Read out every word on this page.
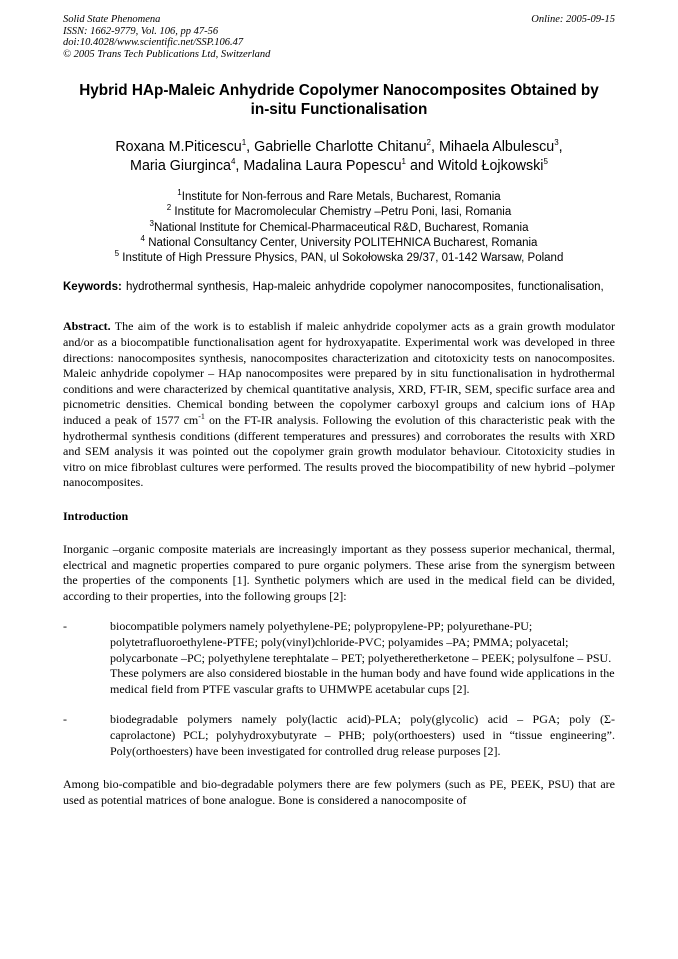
Solid State Phenomena
ISSN: 1662-9779, Vol. 106, pp 47-56
doi:10.4028/www.scientific.net/SSP.106.47
© 2005 Trans Tech Publications Ltd, Switzerland
Online: 2005-09-15
Hybrid HAp-Maleic Anhydride Copolymer Nanocomposites Obtained by
in-situ Functionalisation
Roxana M.Piticescu$^1$, Gabrielle Charlotte Chitanu$^2$, Mihaela Albulescu$^3$,
Maria Giurginca$^4$, Madalina Laura Popescu$^1$ and Witold Łojkowski$^5$
$^1$Institute for Non-ferrous and Rare Metals, Bucharest, Romania
$^2$ Institute for Macromolecular Chemistry –Petru Poni, Iasi, Romania
$^3$National Institute for Chemical-Pharmaceutical R&D, Bucharest, Romania
$^4$ National Consultancy Center, University POLITEHNICA Bucharest, Romania
$^5$ Institute of High Pressure Physics, PAN, ul Sokołowska 29/37, 01-142 Warsaw, Poland
Keywords: hydrothermal synthesis, Hap-maleic anhydride copolymer nanocomposites, functionalisation,
Abstract. The aim of the work is to establish if maleic anhydride copolymer acts as a grain growth modulator and/or as a biocompatible functionalisation agent for hydroxyapatite. Experimental work was developed in three directions: nanocomposites synthesis, nanocomposites characterization and citotoxicity tests on nanocomposites. Maleic anhydride copolymer – HAp nanocomposites were prepared by in situ functionalisation in hydrothermal conditions and were characterized by chemical quantitative analysis, XRD, FT-IR, SEM, specific surface area and picnometric densities. Chemical bonding between the copolymer carboxyl groups and calcium ions of HAp induced a peak of 1577 $cm^{-1}$ on the FT-IR analysis. Following the evolution of this characteristic peak with the hydrothermal synthesis conditions (different temperatures and pressures) and corroborates the results with XRD and SEM analysis it was pointed out the copolymer grain growth modulator behaviour. Citotoxicity studies in vitro on mice fibroblast cultures were performed. The results proved the biocompatibility of new hybrid –polymer nanocomposites.
Introduction
Inorganic –organic composite materials are increasingly important as they possess superior mechanical, thermal, electrical and magnetic properties compared to pure organic polymers. These arise from the synergism between the properties of the components [1]. Synthetic polymers which are used in the medical field can be divided, according to their properties, into the following groups [2]:
-	biocompatible polymers namely polyethylene-PE; polypropylene-PP; polyurethane-PU; polytetrafluoroethylene-PTFE; poly(vinyl)chloride-PVC; polyamides –PA; PMMA; polyacetal; polycarbonate –PC; polyethylene terephtalate – PET; polyetheretherketone – PEEK; polysulfone – PSU. These polymers are also considered biostable in the human body and have found wide applications in the medical field from PTFE vascular grafts to UHMWPE acetabular cups [2].
-	biodegradable polymers namely poly(lactic acid)-PLA; poly(glycolic) acid – PGA; poly (Σ-caprolactone) PCL; polyhydroxybutyrate – PHB; poly(orthoesters) used in “tissue engineering”. Poly(orthoesters) have been investigated for controlled drug release purposes [2].
Among bio-compatible and bio-degradable polymers there are few polymers (such as PE, PEEK, PSU) that are used as potential matrices of bone analogue. Bone is considered a nanocomposite of
